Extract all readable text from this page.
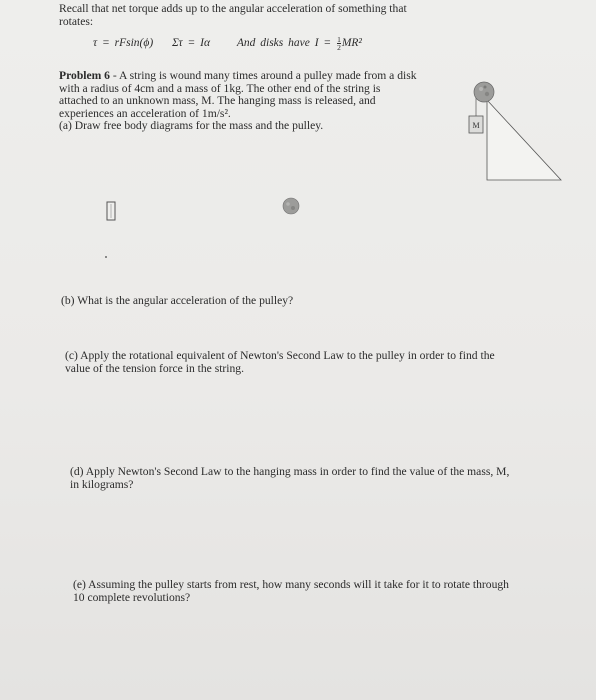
Recall that net torque adds up to the angular acceleration of something that
rotates:
τ = rFsin(ϕ) Στ = Iα And disks have $I = \frac{1}{2} MR^2$
Problem 6 - A string is wound many times around a pulley made from a disk
with a radius of 4cm and a mass of 1kg. The other end of the string is
attached to an unknown mass, M. The hanging mass is released, and
experiences an acceleration of 1m/s².
(a) Draw free body diagrams for the mass and the pulley.	M
(b) What is the angular acceleration of the pulley?
(c) Apply the rotational equivalent of Newton's Second Law to the pulley in order to find the
value of the tension force in the string.
(d) Apply Newton's Second Law to the hanging mass in order to find the value of the mass, M,
in kilograms?
(e) Assuming the pulley starts from rest, how many seconds will it take for it to rotate through
10 complete revolutions?
